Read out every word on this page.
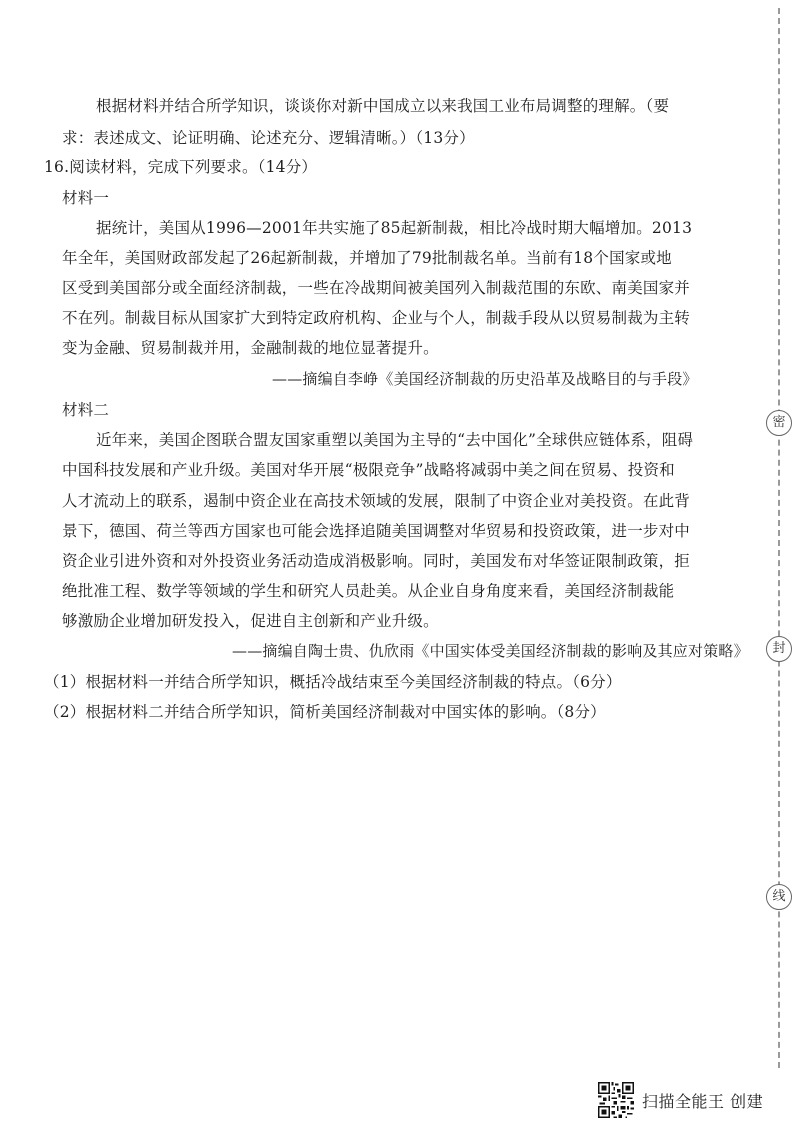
根据材料并结合所学知识，谈谈你对新中国成立以来我国工业布局调整的理解。（要
求：表述成文、论证明确、论述充分、逻辑清晰。）（13分）
16.阅读材料，完成下列要求。（14分）
材料一
据统计，美国从1996—2001年共实施了85起新制裁，相比冷战时期大幅增加。2013
年全年，美国财政部发起了26起新制裁，并增加了79批制裁名单。当前有18个国家或地
区受到美国部分或全面经济制裁，一些在冷战期间被美国列入制裁范围的东欧、南美国家并
不在列。制裁目标从国家扩大到特定政府机构、企业与个人，制裁手段从以贸易制裁为主转
变为金融、贸易制裁并用，金融制裁的地位显著提升。
——摘编自李峥《美国经济制裁的历史沿革及战略目的与手段》
材料二
近年来，美国企图联合盟友国家重塑以美国为主导的“去中国化”全球供应链体系，阻碍
中国科技发展和产业升级。美国对华开展“极限竞争”战略将减弱中美之间在贸易、投资和
人才流动上的联系，遏制中资企业在高技术领域的发展，限制了中资企业对美投资。在此背
景下，德国、荷兰等西方国家也可能会选择追随美国调整对华贸易和投资政策，进一步对中
资企业引进外资和对外投资业务活动造成消极影响。同时，美国发布对华签证限制政策，拒
绝批准工程、数学等领域的学生和研究人员赴美。从企业自身角度来看，美国经济制裁能
够激励企业增加研发投入，促进自主创新和产业升级。
——摘编自陶士贵、仇欣雨《中国实体受美国经济制裁的影响及其应对策略》
（1）根据材料一并结合所学知识，概括冷战结束至今美国经济制裁的特点。（6分）
（2）根据材料二并结合所学知识，简析美国经济制裁对中国实体的影响。（8分）
密
封
线
扫描全能王 创建
